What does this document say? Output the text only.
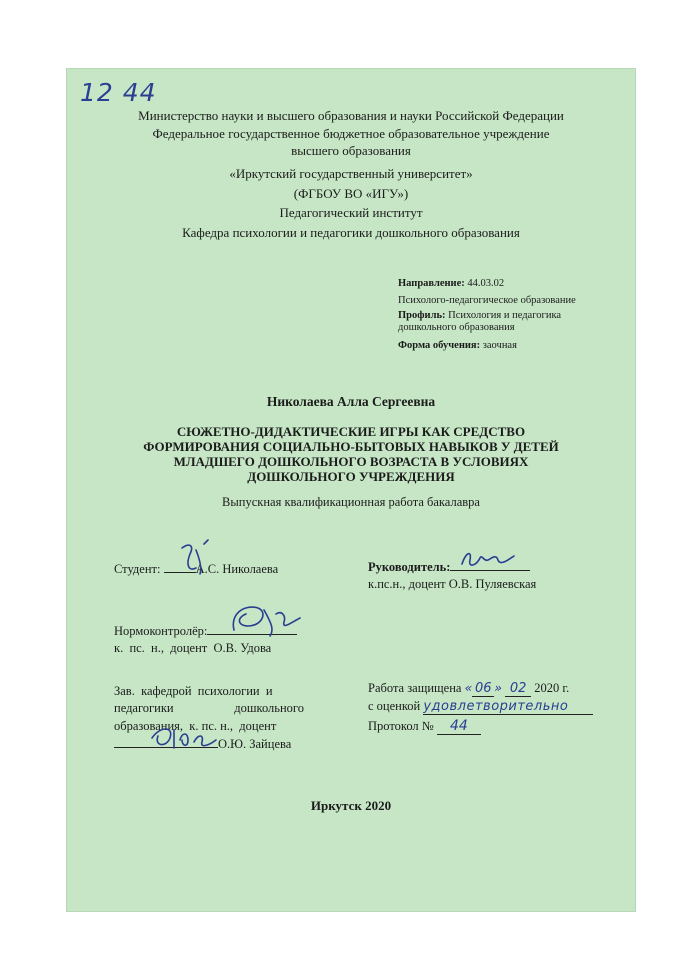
12 44
Министерство науки и высшего образования и науки Российской Федерации
Федеральное государственное бюджетное образовательное учреждение
высшего образования
«Иркутский государственный университет»
(ФГБОУ ВО «ИГУ»)
Педагогический институт
Кафедра психологии и педагогики дошкольного образования
Направление: 44.03.02
Психолого-педагогическое образование
Профиль: Психология и педагогика
дошкольного образования
Форма обучения: заочная
Николаева Алла Сергеевна
СЮЖЕТНО-ДИДАКТИЧЕСКИЕ ИГРЫ КАК СРЕДСТВО
ФОРМИРОВАНИЯ СОЦИАЛЬНО-БЫТОВЫХ НАВЫКОВ У ДЕТЕЙ
МЛАДШЕГО ДОШКОЛЬНОГО ВОЗРАСТА В УСЛОВИЯХ
ДОШКОЛЬНОГО УЧРЕЖДЕНИЯ
Выпускная квалификационная работа бакалавра
Студент:	А.С. Николаева	Руководитель:
к.пс.н., доцент О.В. Пуляевская
Нормоконтролёр:
к.  пс.  н.,  доцент  О.В. Удова
Зав.  кафедрой  психологии  и
педагогики	дошкольного
образования,  к. пс. н.,  доцент
О.Ю. Зайцева
Работа защищена « 06 » 02 2020 г.
с оценкой удовлетворительно
Протокол № 44
Иркутск 2020
